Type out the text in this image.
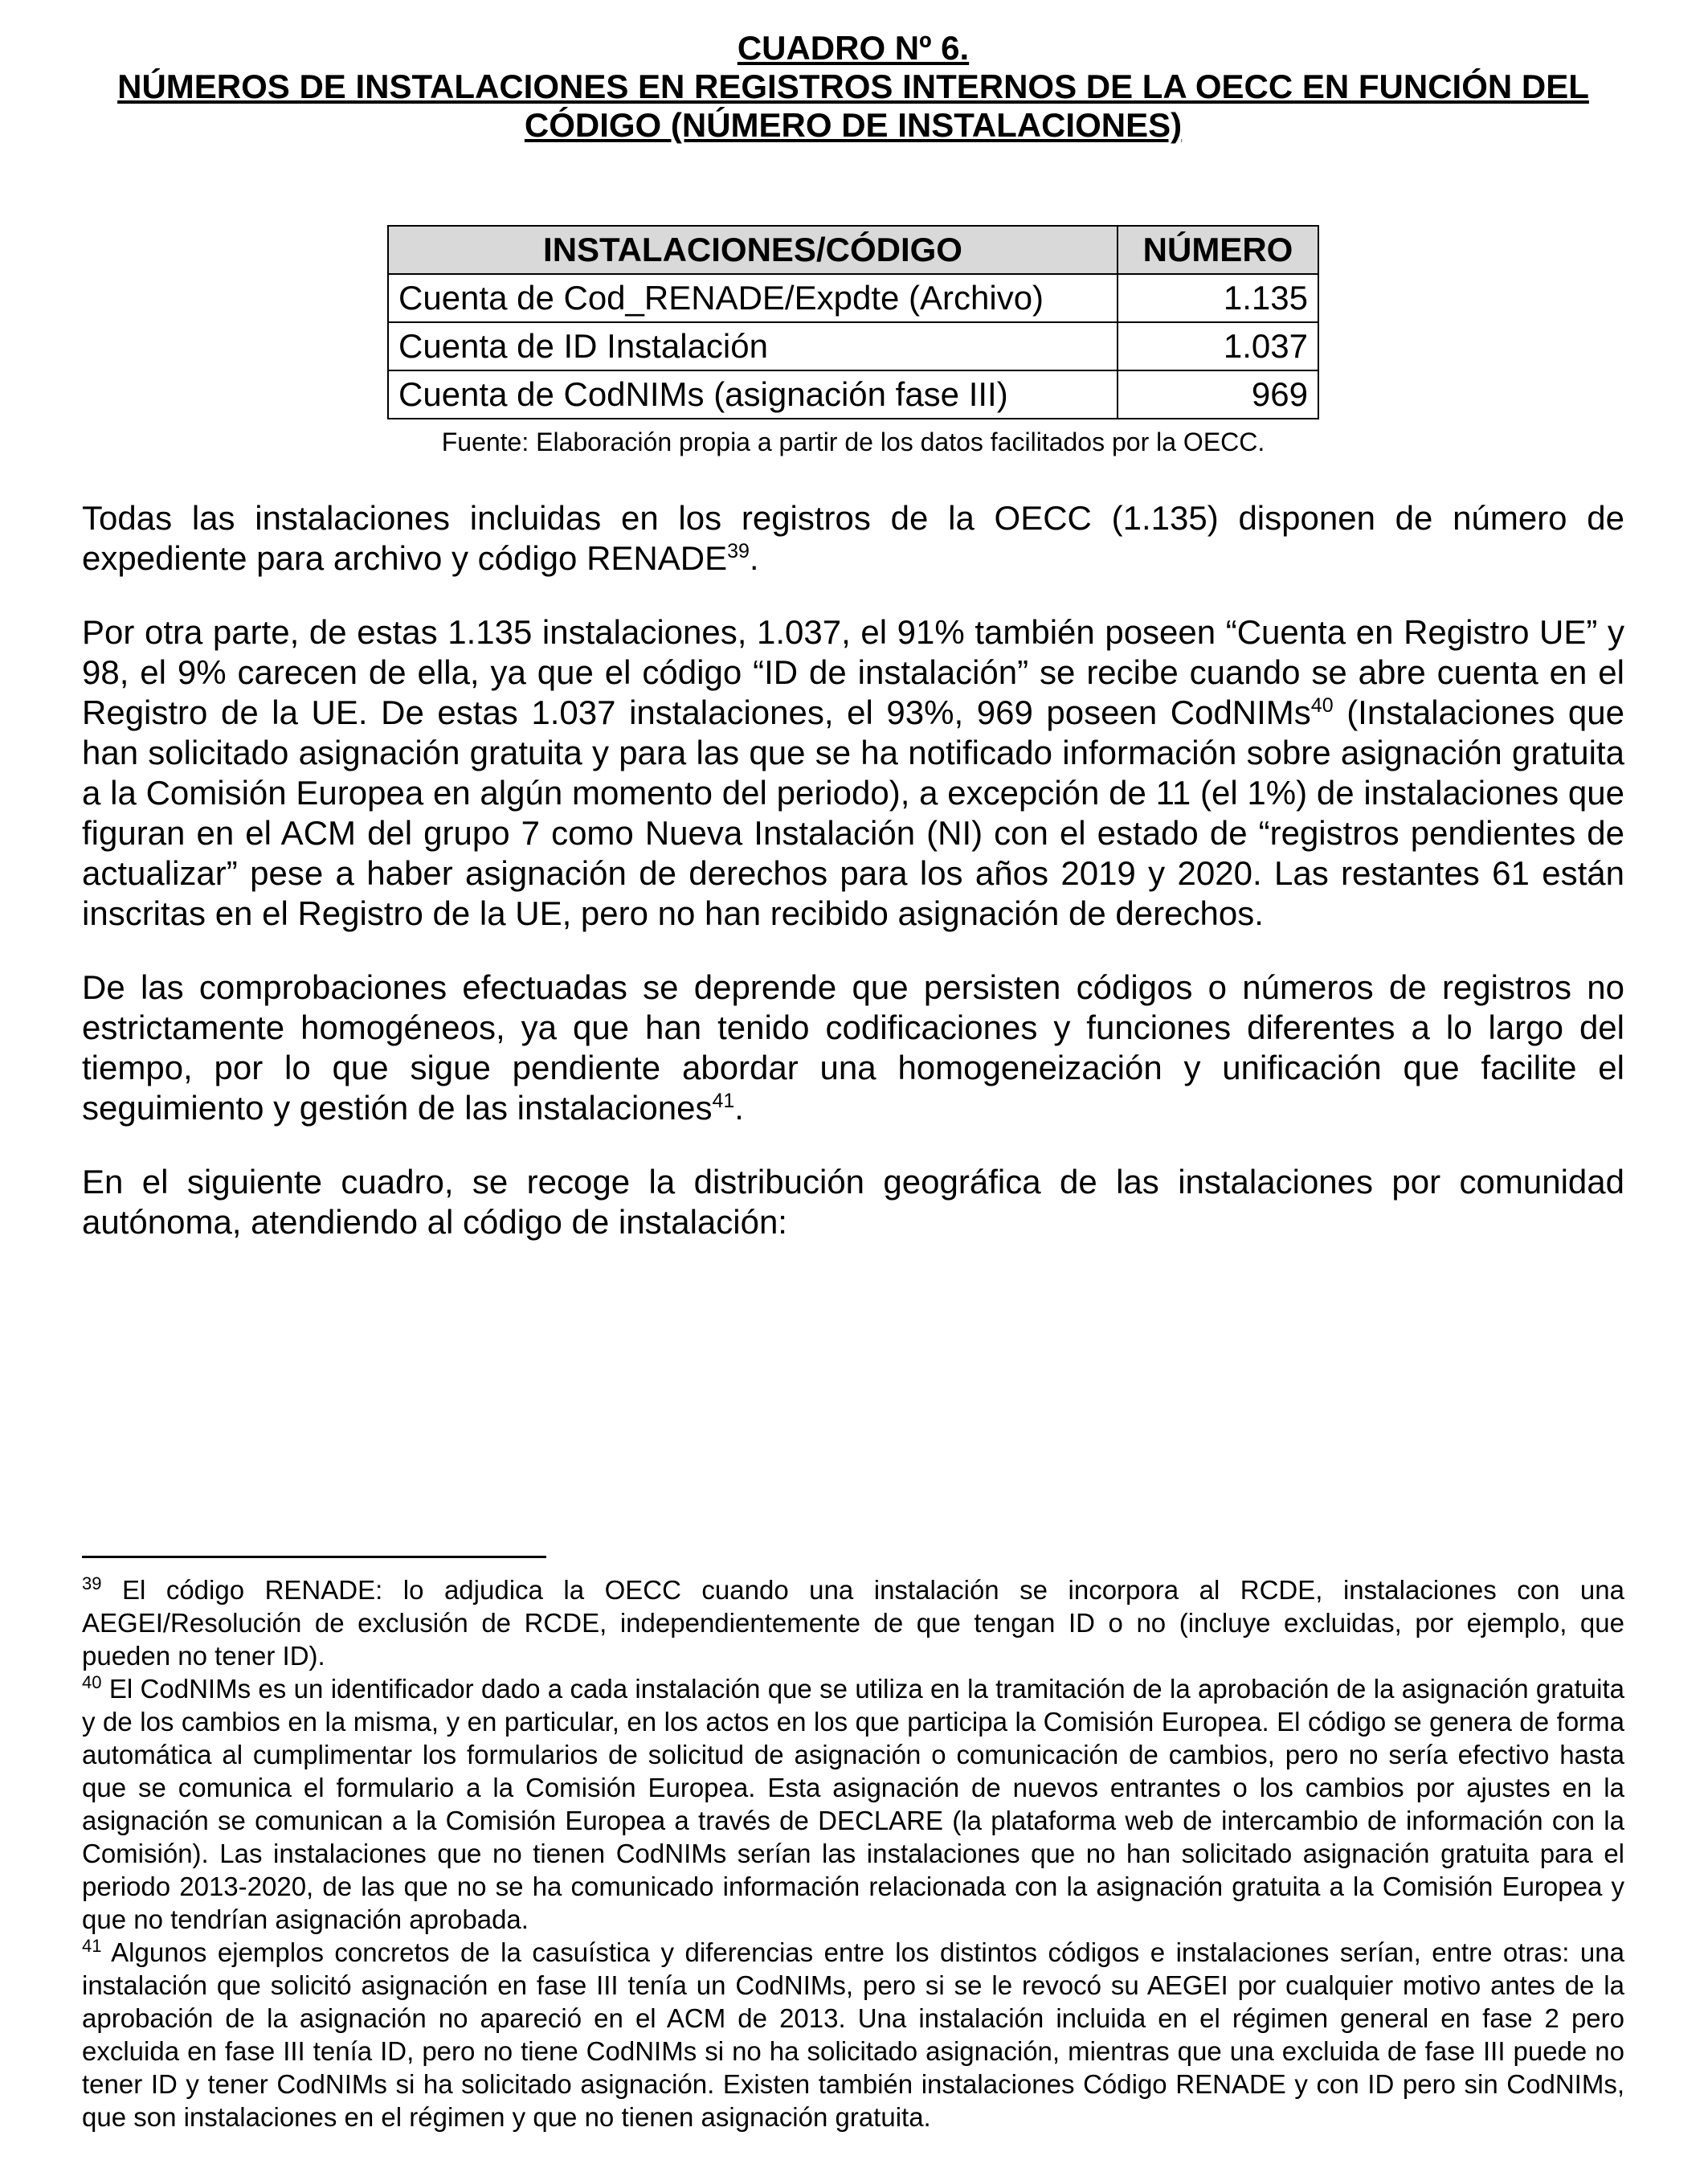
CUADRO Nº 6.
NÚMEROS DE INSTALACIONES EN REGISTROS INTERNOS DE LA OECC EN FUNCIÓN DEL
CÓDIGO (NÚMERO DE INSTALACIONES)
INSTALACIONES/CÓDIGO	NÚMERO
Cuenta de Cod_RENADE/Expdte (Archivo)	1.135
Cuenta de ID Instalación	1.037
Cuenta de CodNIMs (asignación fase III)	969
Fuente: Elaboración propia a partir de los datos facilitados por la OECC.

Todas las instalaciones incluidas en los registros de la OECC (1.135) disponen de número de expediente para archivo y código RENADE$^{39}$.

Por otra parte, de estas 1.135 instalaciones, 1.037, el 91% también poseen “Cuenta en Registro UE” y 98, el 9% carecen de ella, ya que el código “ID de instalación” se recibe cuando se abre cuenta en el Registro de la UE. De estas 1.037 instalaciones, el 93%, 969 poseen CodNIMs$^{40}$ (Instalaciones que han solicitado asignación gratuita y para las que se ha notificado información sobre asignación gratuita a la Comisión Europea en algún momento del periodo), a excepción de 11 (el 1%) de instalaciones que figuran en el ACM del grupo 7 como Nueva Instalación (NI) con el estado de “registros pendientes de actualizar” pese a haber asignación de derechos para los años 2019 y 2020. Las restantes 61 están inscritas en el Registro de la UE, pero no han recibido asignación de derechos.

De las comprobaciones efectuadas se deprende que persisten códigos o números de registros no estrictamente homogéneos, ya que han tenido codificaciones y funciones diferentes a lo largo del tiempo, por lo que sigue pendiente abordar una homogeneización y unificación que facilite el seguimiento y gestión de las instalaciones$^{41}$.

En el siguiente cuadro, se recoge la distribución geográfica de las instalaciones por comunidad autónoma, atendiendo al código de instalación:

$^{39}$ El código RENADE: lo adjudica la OECC cuando una instalación se incorpora al RCDE, instalaciones con una AEGEI/Resolución de exclusión de RCDE, independientemente de que tengan ID o no (incluye excluidas, por ejemplo, que pueden no tener ID).
$^{40}$ El CodNIMs es un identificador dado a cada instalación que se utiliza en la tramitación de la aprobación de la asignación gratuita y de los cambios en la misma, y en particular, en los actos en los que participa la Comisión Europea. El código se genera de forma automática al cumplimentar los formularios de solicitud de asignación o comunicación de cambios, pero no sería efectivo hasta que se comunica el formulario a la Comisión Europea. Esta asignación de nuevos entrantes o los cambios por ajustes en la asignación se comunican a la Comisión Europea a través de DECLARE (la plataforma web de intercambio de información con la Comisión). Las instalaciones que no tienen CodNIMs serían las instalaciones que no han solicitado asignación gratuita para el periodo 2013-2020, de las que no se ha comunicado información relacionada con la asignación gratuita a la Comisión Europea y que no tendrían asignación aprobada.
$^{41}$ Algunos ejemplos concretos de la casuística y diferencias entre los distintos códigos e instalaciones serían, entre otras: una instalación que solicitó asignación en fase III tenía un CodNIMs, pero si se le revocó su AEGEI por cualquier motivo antes de la aprobación de la asignación no apareció en el ACM de 2013. Una instalación incluida en el régimen general en fase 2 pero excluida en fase III tenía ID, pero no tiene CodNIMs si no ha solicitado asignación, mientras que una excluida de fase III puede no tener ID y tener CodNIMs si ha solicitado asignación. Existen también instalaciones Código RENADE y con ID pero sin CodNIMs, que son instalaciones en el régimen y que no tienen asignación gratuita.
